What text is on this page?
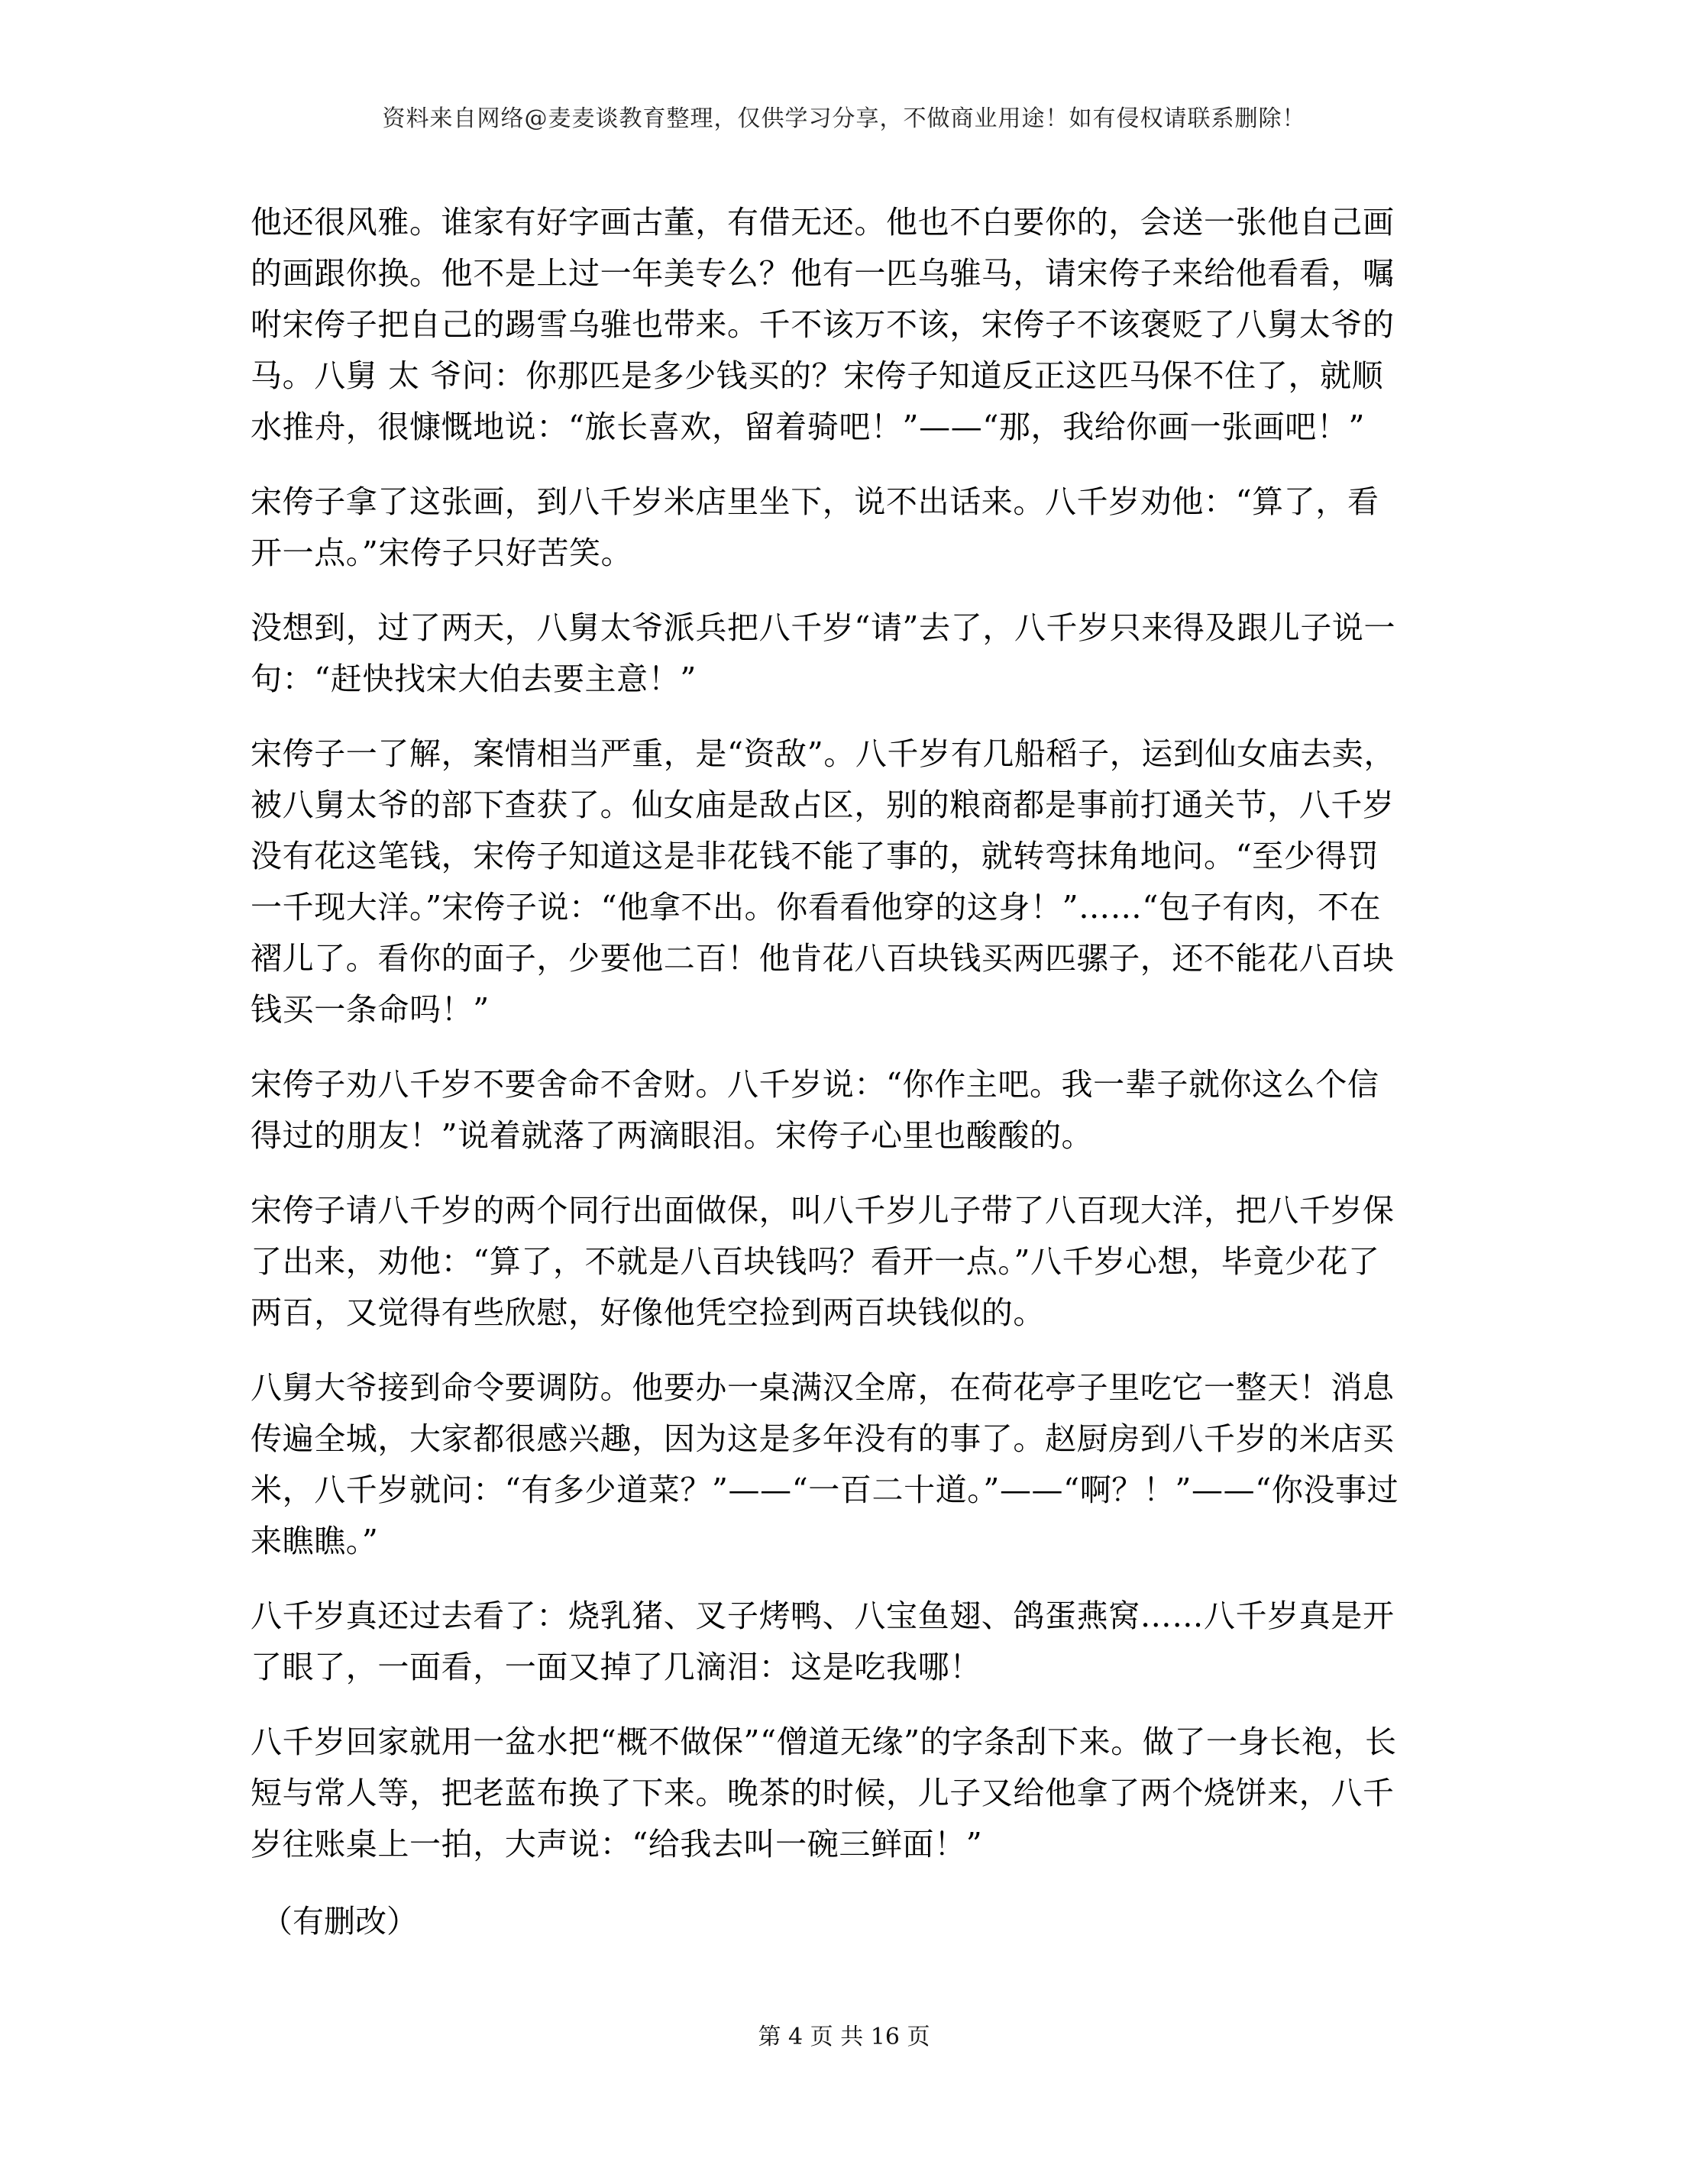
资料来自网络@麦麦谈教育整理，仅供学习分享，不做商业用途！如有侵权请联系删除！

他还很风雅。谁家有好字画古董，有借无还。他也不白要你的，会送一张他自己画
的画跟你换。他不是上过一年美专么？他有一匹乌骓马，请宋侉子来给他看看，嘱
咐宋侉子把自己的踢雪乌骓也带来。千不该万不该，宋侉子不该褒贬了八舅太爷的
马。八舅 太 爷问：你那匹是多少钱买的？宋侉子知道反正这匹马保不住了，就顺
水推舟，很慷慨地说：“旅长喜欢，留着骑吧！”——“那，我给你画一张画吧！”

宋侉子拿了这张画，到八千岁米店里坐下，说不出话来。八千岁劝他：“算了，看
开一点。”宋侉子只好苦笑。

没想到，过了两天，八舅太爷派兵把八千岁“请”去了，八千岁只来得及跟儿子说一
句：“赶快找宋大伯去要主意！”

宋侉子一了解，案情相当严重，是“资敌”。八千岁有几船稻子，运到仙女庙去卖，
被八舅太爷的部下查获了。仙女庙是敌占区，别的粮商都是事前打通关节，八千岁
没有花这笔钱，宋侉子知道这是非花钱不能了事的，就转弯抹角地问。“至少得罚
一千现大洋。”宋侉子说：“他拿不出。你看看他穿的这身！”……“包子有肉，不在
褶儿了。看你的面子，少要他二百！他肯花八百块钱买两匹骡子，还不能花八百块
钱买一条命吗！”

宋侉子劝八千岁不要舍命不舍财。八千岁说：“你作主吧。我一辈子就你这么个信
得过的朋友！”说着就落了两滴眼泪。宋侉子心里也酸酸的。

宋侉子请八千岁的两个同行出面做保，叫八千岁儿子带了八百现大洋，把八千岁保
了出来，劝他：“算了，不就是八百块钱吗？看开一点。”八千岁心想，毕竟少花了
两百，又觉得有些欣慰，好像他凭空捡到两百块钱似的。

八舅大爷接到命令要调防。他要办一桌满汉全席，在荷花亭子里吃它一整天！消息
传遍全城，大家都很感兴趣，因为这是多年没有的事了。赵厨房到八千岁的米店买
米，八千岁就问：“有多少道菜？”——“一百二十道。”——“啊？！”——“你没事过
来瞧瞧。”

八千岁真还过去看了：烧乳猪、叉子烤鸭、八宝鱼翅、鸽蛋燕窝……八千岁真是开
了眼了，一面看，一面又掉了几滴泪：这是吃我哪！

八千岁回家就用一盆水把“概不做保”“僧道无缘”的字条刮下来。做了一身长袍，长
短与常人等，把老蓝布换了下来。晚茶的时候，儿子又给他拿了两个烧饼来，八千
岁往账桌上一拍，大声说：“给我去叫一碗三鲜面！”

（有删改）
第 4 页 共 16 页
